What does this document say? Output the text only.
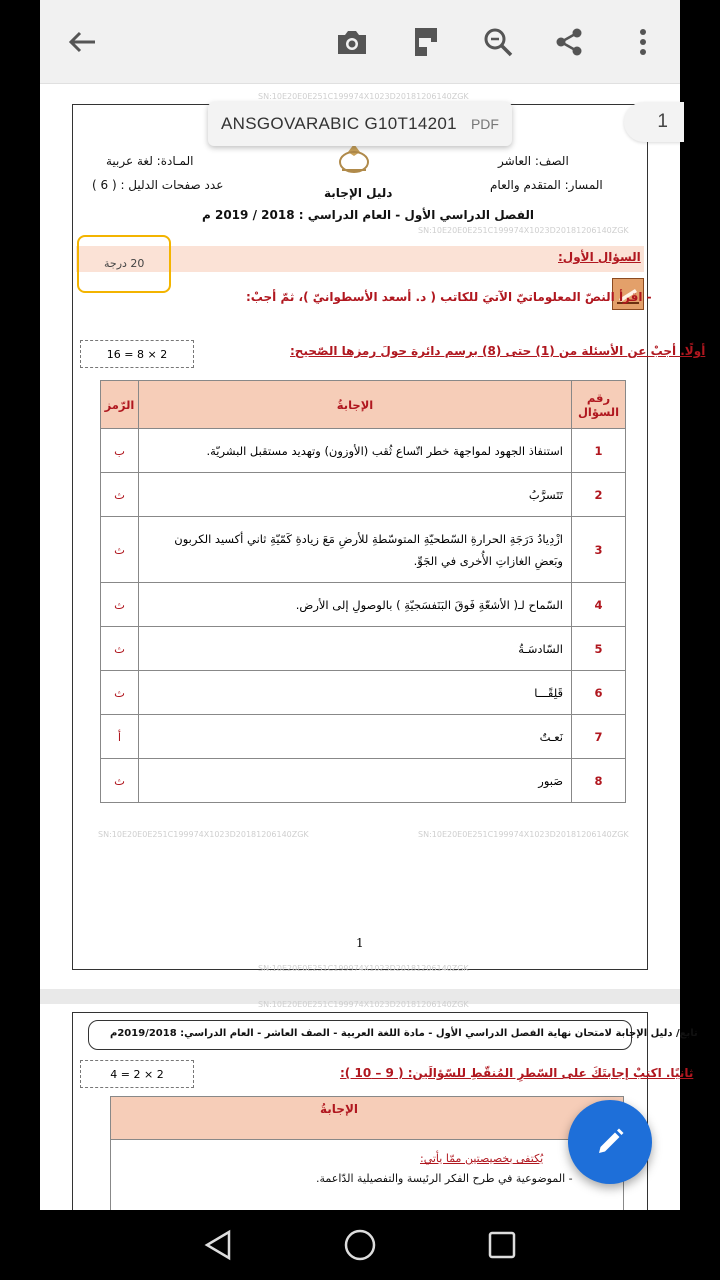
SN:10E20E0E251C199974X1023D20181206140ZGK
SN:10E20E0E251C199974X1023D20181206140ZGK
SN:10E20E0E251C199974X1023D20181206140ZGK	SN:10E20E0E251C199974X1023D20181206140ZGK
SN:10E20E0E251C199974X1023D20181206140ZGK
المـادة: لغة عربية	الصف: العاشر
عدد صفحات الدليل : ( 6 )	المسار: المتقدم والعام
دليل الإجابة
الفصل الدراسي الأول - العام الدراسي : 2018 / 2019 م
السؤال الأول:
20 درجة
- اقرأ النصّ المعلوماتيّ الآتيَ للكاتب ( د. أسعد الأسطوانيّ )، ثمّ أجبْ:
16 = 8 × 2	أولًا. أجبْ عن الأسئلة من (1) حتى (8) برسم دائرة حولَ رمزها الصّحيح:
رقم السؤال	الإجابةُ	الرّمز
1	استنفاذ الجهود لمواجهة خطر اتّساع ثُقب (الأوزون) وتهديد مستقبل البشريّة.	ب
2	تَتَسرَّبُ	ث
3	ازْدِيادُ دَرَجَةِ الحرارةِ السّطحيّةِ المتوسّطةِ للأرضِ مَعَ زيادةِ كَمّيّةِ ثاني أكسيد الكربون وبَعضِ الغازاتِ الأُخرى في الجَوِّ.	ث
4	السّماح لـ( الأشعّةِ فَوقَ البَنَفسَجيّةِ ) بالوصولِ إلى الأرض.	ث
5	السّادسَـةُ	ث
6	قَلِقًـــا	ث
7	نَعـتٌ	أ
8	صَبور	ث
1
SN:10E20E0E251C199974X1023D20181206140ZGK
تابع/ دليل الإجابة لامتحان نهاية الفصل الدراسي الأول - مادة اللغة العربية - الصف العاشر - العام الدراسي: 2019/2018م
4 = 2 × 2	ثانيًا. اكتبْ إجابتَكَ على السّطرِ المُنقّطِ للسّؤالَين: ( 9 – 10 ):
الإجابةُ
يُكتفى بخصيصتين ممّا يأتي:
- الموضوعية في طرح الفكر الرئيسة والتفصيلية الدّاعمة.
ANSGOVARABIC G10T14201 PDF	1
